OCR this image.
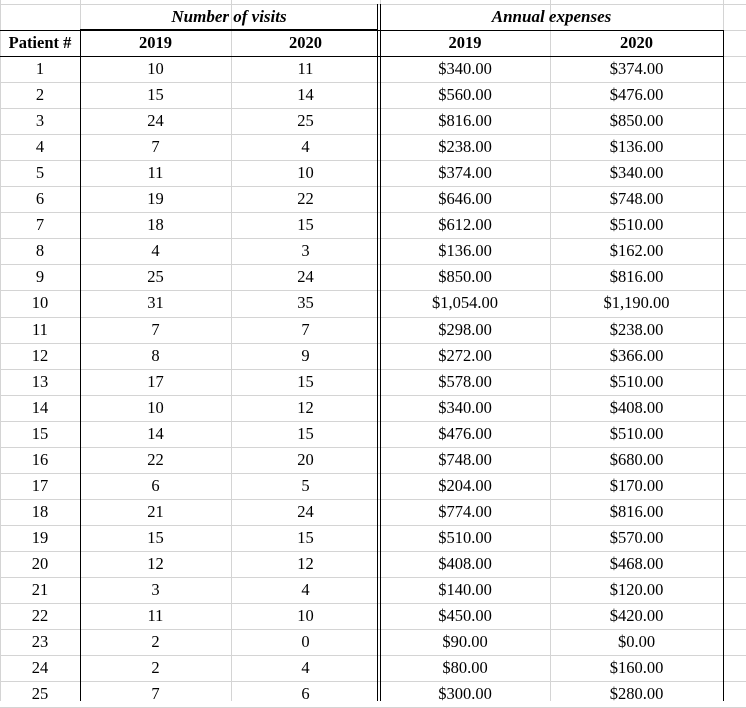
Number of visits	Annual expenses
Patient #	2019	2020	2019	2020
1	10	11	$340.00	$374.00
2	15	14	$560.00	$476.00
3	24	25	$816.00	$850.00
4	7	4	$238.00	$136.00
5	11	10	$374.00	$340.00
6	19	22	$646.00	$748.00
7	18	15	$612.00	$510.00
8	4	3	$136.00	$162.00
9	25	24	$850.00	$816.00
10	31	35	$1,054.00	$1,190.00
11	7	7	$298.00	$238.00
12	8	9	$272.00	$366.00
13	17	15	$578.00	$510.00
14	10	12	$340.00	$408.00
15	14	15	$476.00	$510.00
16	22	20	$748.00	$680.00
17	6	5	$204.00	$170.00
18	21	24	$774.00	$816.00
19	15	15	$510.00	$570.00
20	12	12	$408.00	$468.00
21	3	4	$140.00	$120.00
22	11	10	$450.00	$420.00
23	2	0	$90.00	$0.00
24	2	4	$80.00	$160.00
25	7	6	$300.00	$280.00
